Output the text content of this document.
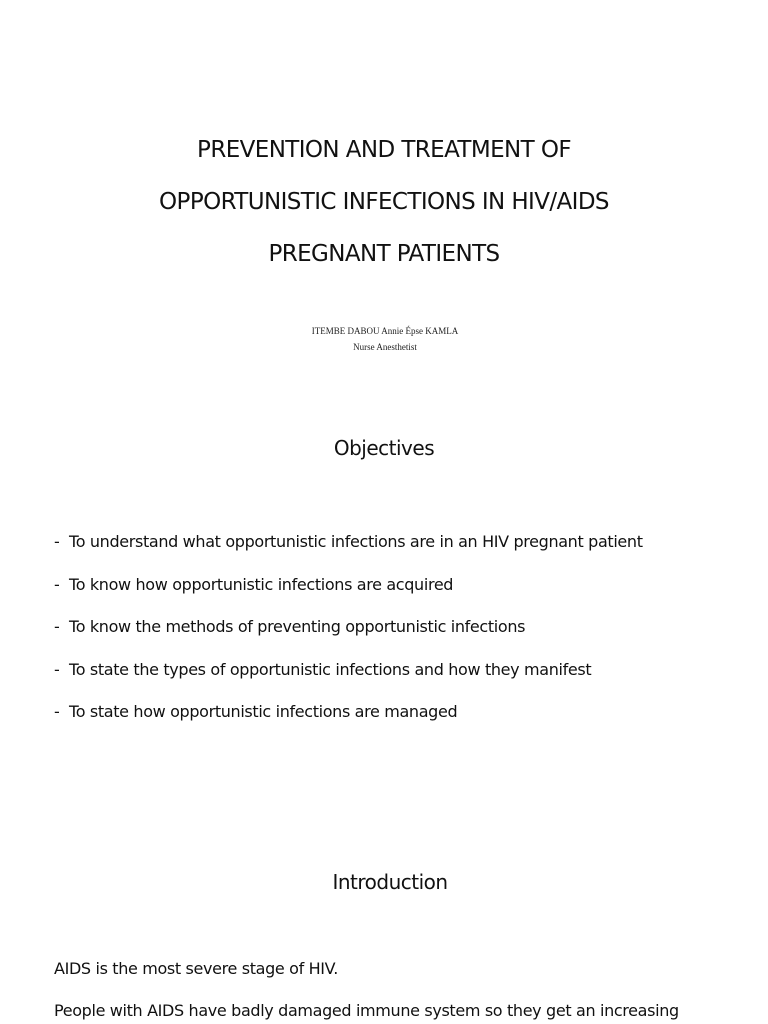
PREVENTION AND TREATMENT OF
OPPORTUNISTIC INFECTIONS IN HIV/AIDS
PREGNANT PATIENTS
ITEMBE DABOU Annie Épse KAMLA
Nurse Anesthetist
Objectives
- To understand what opportunistic infections are in an HIV pregnant patient
- To know how opportunistic infections are acquired
- To know the methods of preventing opportunistic infections
- To state the types of opportunistic infections and how they manifest
- To state how opportunistic infections are managed
Introduction

AIDS is the most severe stage of HIV.

People with AIDS have badly damaged immune system so they get an increasing
